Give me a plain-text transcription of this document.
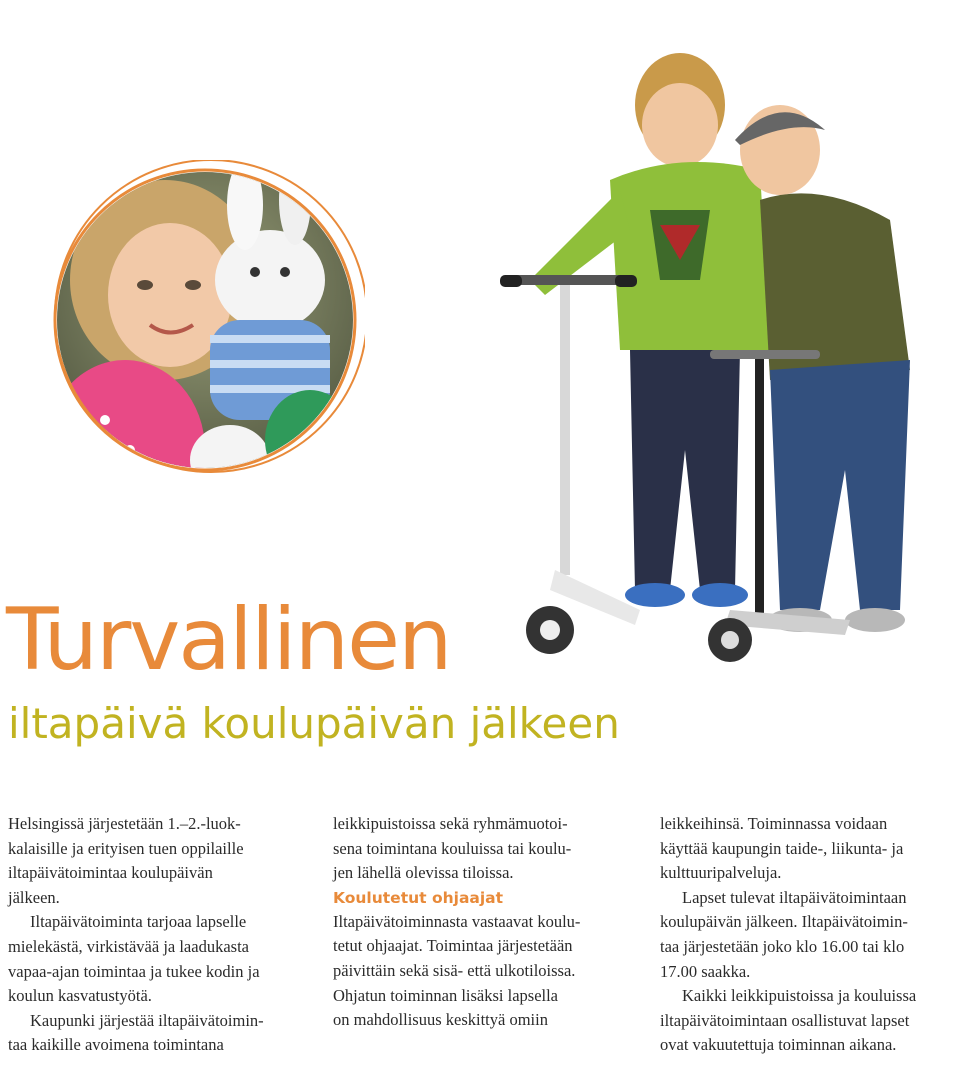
Turvallinen
iltapäivä koulupäivän jälkeen

Helsingissä järjestetään 1.–2.-luok-

kalaisille ja erityisen tuen oppilaille

iltapäivätoimintaa koulupäivän

jälkeen.

Iltapäivätoiminta tarjoaa lapselle

mielekästä, virkistävää ja laadukasta

vapaa-ajan toimintaa ja tukee kodin ja

koulun kasvatustyötä.

Kaupunki järjestää iltapäivätoimin-

taa kaikille avoimena toimintana

leikkipuistoissa sekä ryhmämuotoi-

sena toimintana kouluissa tai koulu-

jen lähellä olevissa tiloissa.

Koulutetut ohjaajat

Iltapäivätoiminnasta vastaavat koulu-

tetut ohjaajat. Toimintaa järjestetään

päivittäin sekä sisä- että ulkotiloissa.

Ohjatun toiminnan lisäksi lapsella

on mahdollisuus keskittyä omiin

leikkeihinsä. Toiminnassa voidaan

käyttää kaupungin taide-, liikunta- ja

kulttuuripalveluja.

Lapset tulevat iltapäivätoimintaan

koulupäivän jälkeen. Iltapäivätoimin-

taa järjestetään joko klo 16.00 tai klo

17.00 saakka.

Kaikki leikkipuistoissa ja kouluissa

iltapäivätoimintaan osallistuvat lapset

ovat vakuutettuja toiminnan aikana.
